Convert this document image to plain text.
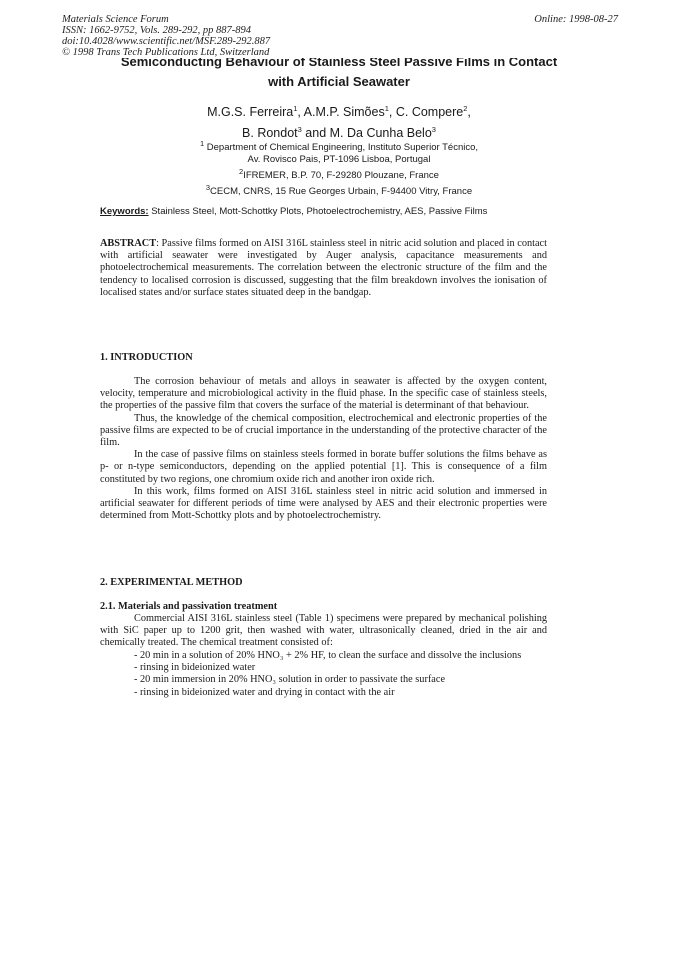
Materials Science Forum
ISSN: 1662-9752, Vols. 289-292, pp 887-894
doi:10.4028/www.scientific.net/MSF.289-292.887
© 1998 Trans Tech Publications Ltd, Switzerland
Online: 1998-08-27
Semiconducting Behaviour of Stainless Steel Passive Films in Contact
with Artificial Seawater
M.G.S. Ferreira$^1$, A.M.P. Simões$^1$, C. Compere$^2$,
B. Rondot$^3$ and M. Da Cunha Belo$^3$
$^1$ Department of Chemical Engineering, Instituto Superior Técnico,
Av. Rovisco Pais, PT-1096 Lisboa, Portugal
$^2$IFREMER, B.P. 70, F-29280 Plouzane, France
$^3$CECM, CNRS, 15 Rue Georges Urbain, F-94400 Vitry, France
Keywords: Stainless Steel, Mott-Schottky Plots, Photoelectrochemistry, AES, Passive Films
ABSTRACT: Passive films formed on AISI 316L stainless steel in nitric acid solution and placed in contact with artificial seawater were investigated by Auger analysis, capacitance measurements and photoelectrochemical measurements. The correlation between the electronic structure of the film and the tendency to localised corrosion is discussed, suggesting that the film breakdown involves the ionisation of localised states and/or surface states situated deep in the bandgap.
1. INTRODUCTION

The corrosion behaviour of metals and alloys in seawater is affected by the oxygen content, velocity, temperature and microbiological activity in the fluid phase. In the specific case of stainless steels, the properties of the passive film that covers the surface of the material is determinant of that behaviour.

Thus, the knowledge of the chemical composition, electrochemical and electronic properties of the passive films are expected to be of crucial importance in the understanding of the protective character of the film.

In the case of passive films on stainless steels formed in borate buffer solutions the films behave as p- or n-type semiconductors, depending on the applied potential [1]. This is consequence of a film constituted by two regions, one chromium oxide rich and another iron oxide rich.

In this work, films formed on AISI 316L stainless steel in nitric acid solution and immersed in artificial seawater for different periods of time were analysed by AES and their electronic properties were determined from Mott-Schottky plots and by photoelectrochemistry.

2. EXPERIMENTAL METHOD
2.1. Materials and passivation treatment

Commercial AISI 316L stainless steel (Table 1) specimens were prepared by mechanical polishing with SiC paper up to 1200 grit, then washed with water, ultrasonically cleaned, dried in the air and chemically treated. The chemical treatment consisted of:

- 20 min in a solution of 20% HNO₃ + 2% HF, to clean the surface and dissolve the inclusions
- rinsing in bideionized water
- 20 min immersion in 20% HNO₃ solution in order to passivate the surface
- rinsing in bideionized water and drying in contact with the air
